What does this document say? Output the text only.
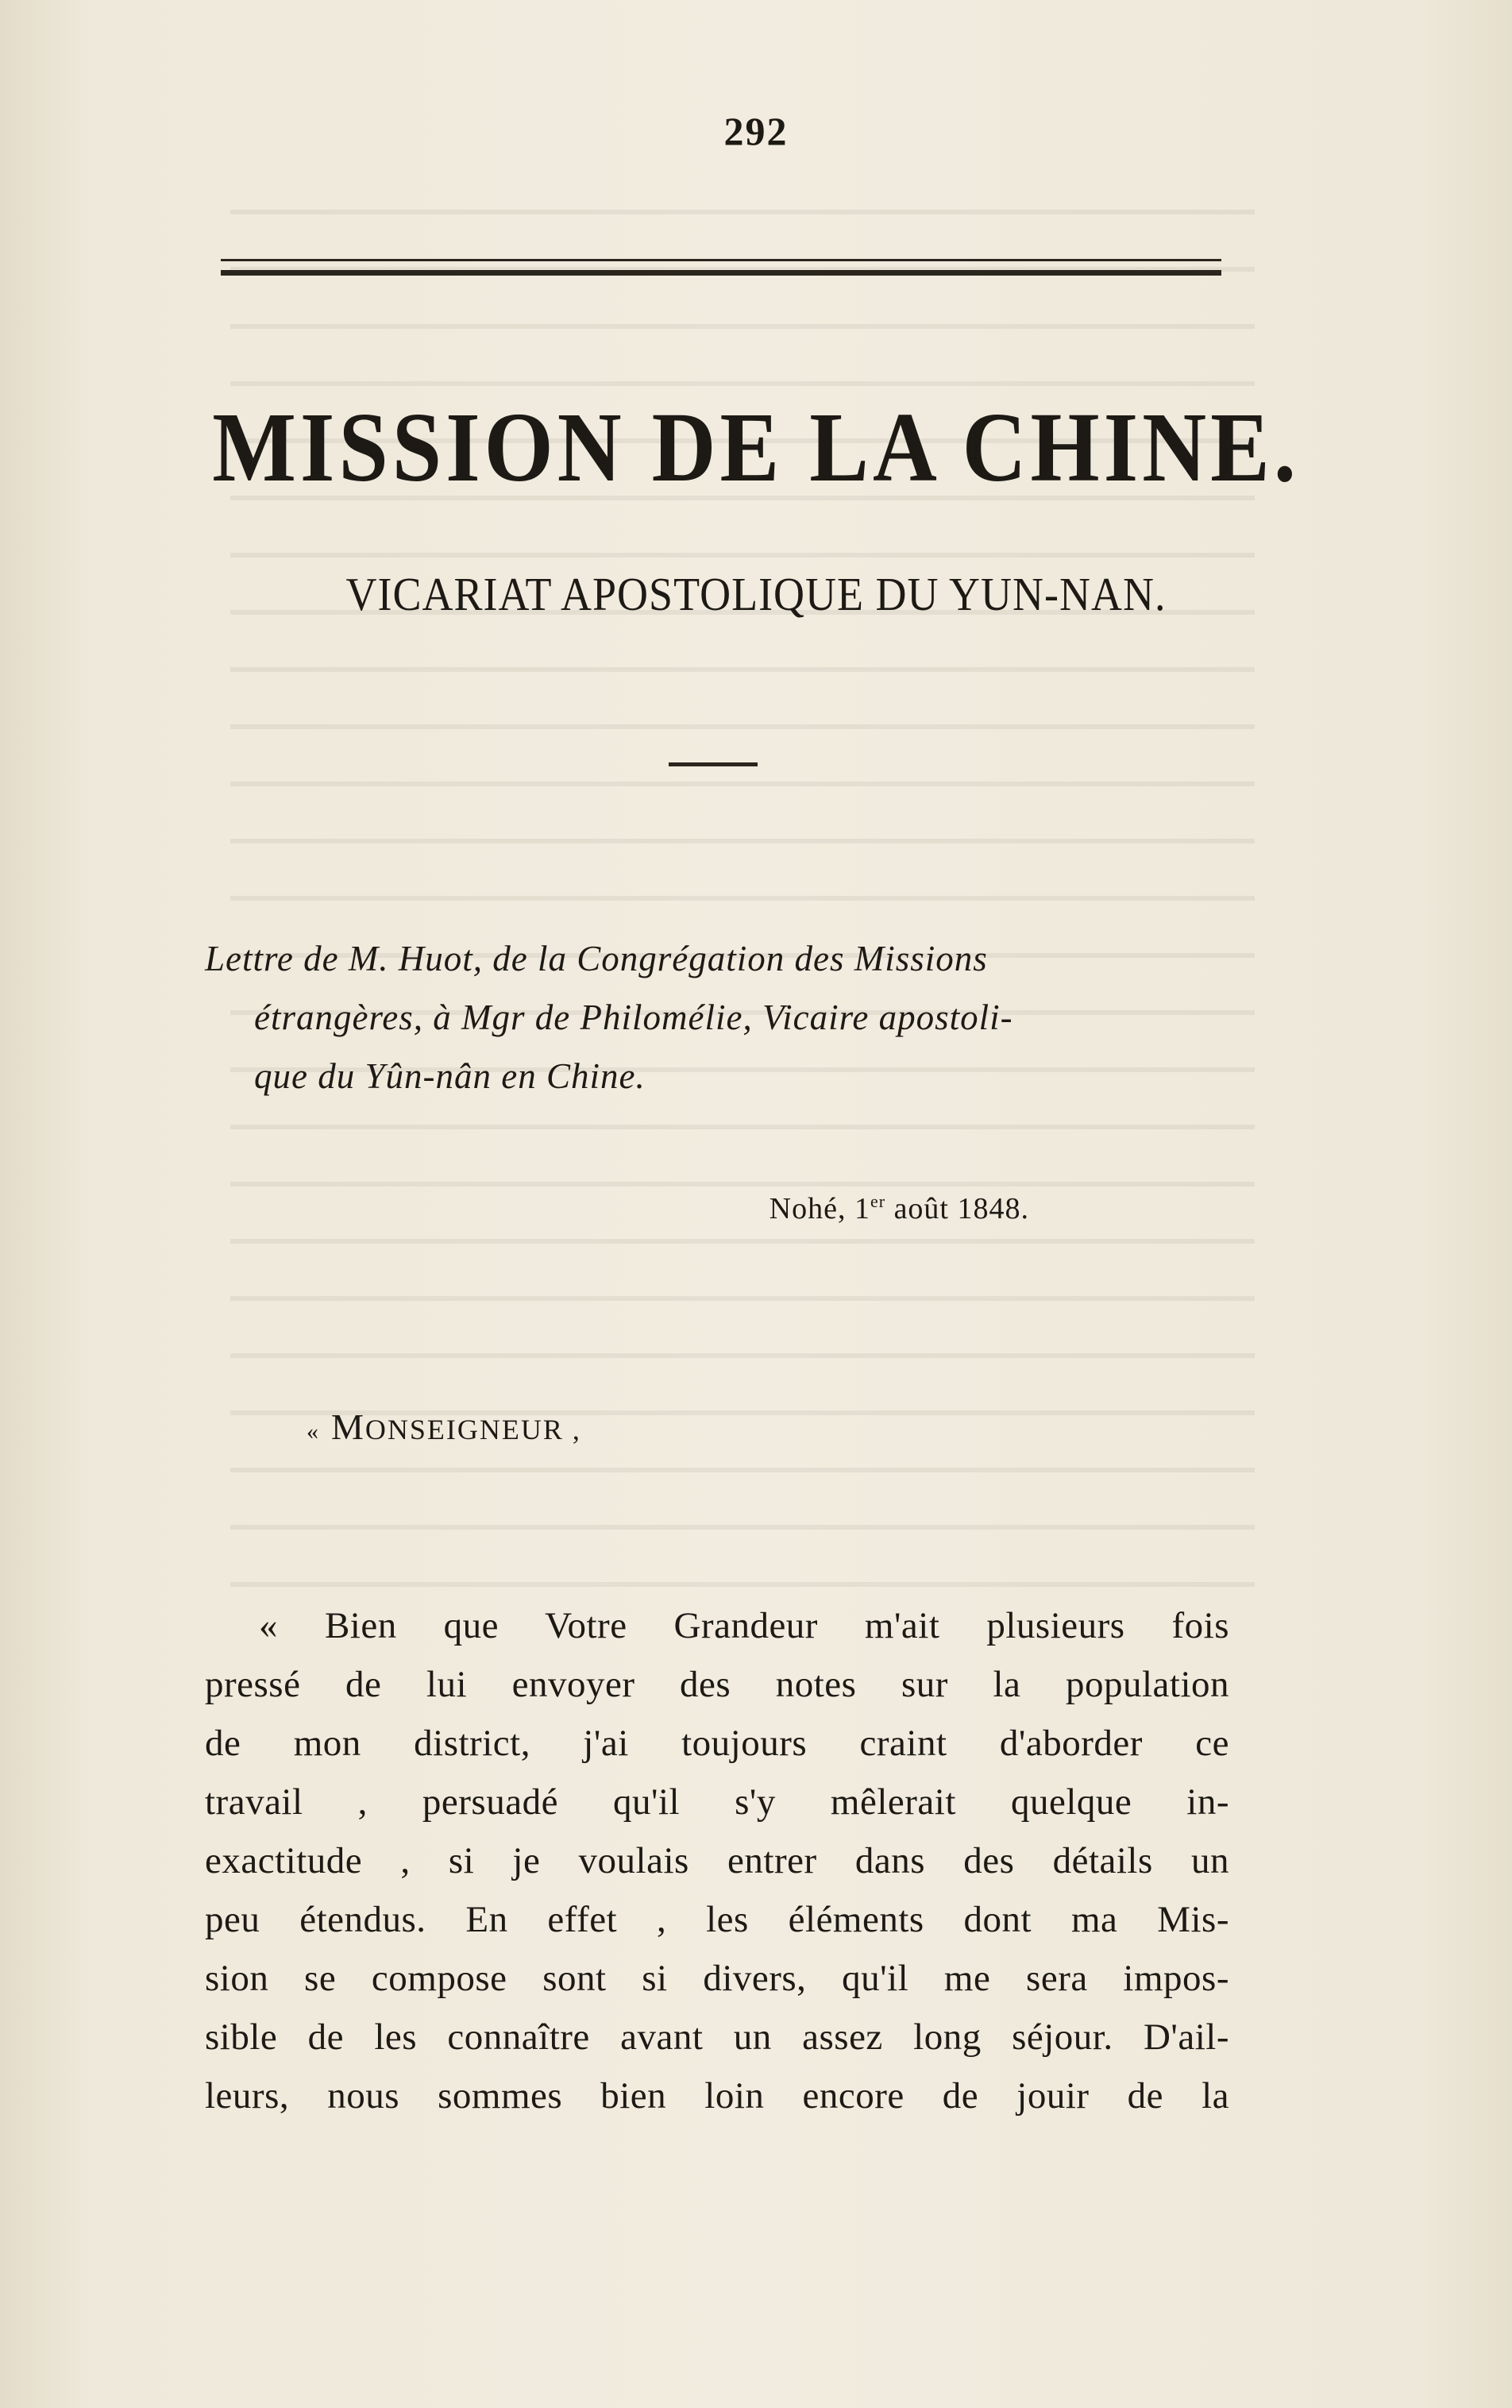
292
MISSION DE LA CHINE.
VICARIAT APOSTOLIQUE DU YUN-NAN.
Lettre de M. Huot, de la Congrégation des Missions
étrangères, à Mgr de Philomélie, Vicaire apostoli-
que du Yûn-nân en Chine.
Nohé, 1er août 1848.
« MONSEIGNEUR ,
« Bien que Votre Grandeur m'ait plusieurs fois
pressé de lui envoyer des notes sur la population
de mon district, j'ai toujours craint d'aborder ce
travail , persuadé qu'il s'y mêlerait quelque in-
exactitude , si je voulais entrer dans des détails un
peu étendus. En effet , les éléments dont ma Mis-
sion se compose sont si divers, qu'il me sera impos-
sible de les connaître avant un assez long séjour. D'ail-
leurs, nous sommes bien loin encore de jouir de la
